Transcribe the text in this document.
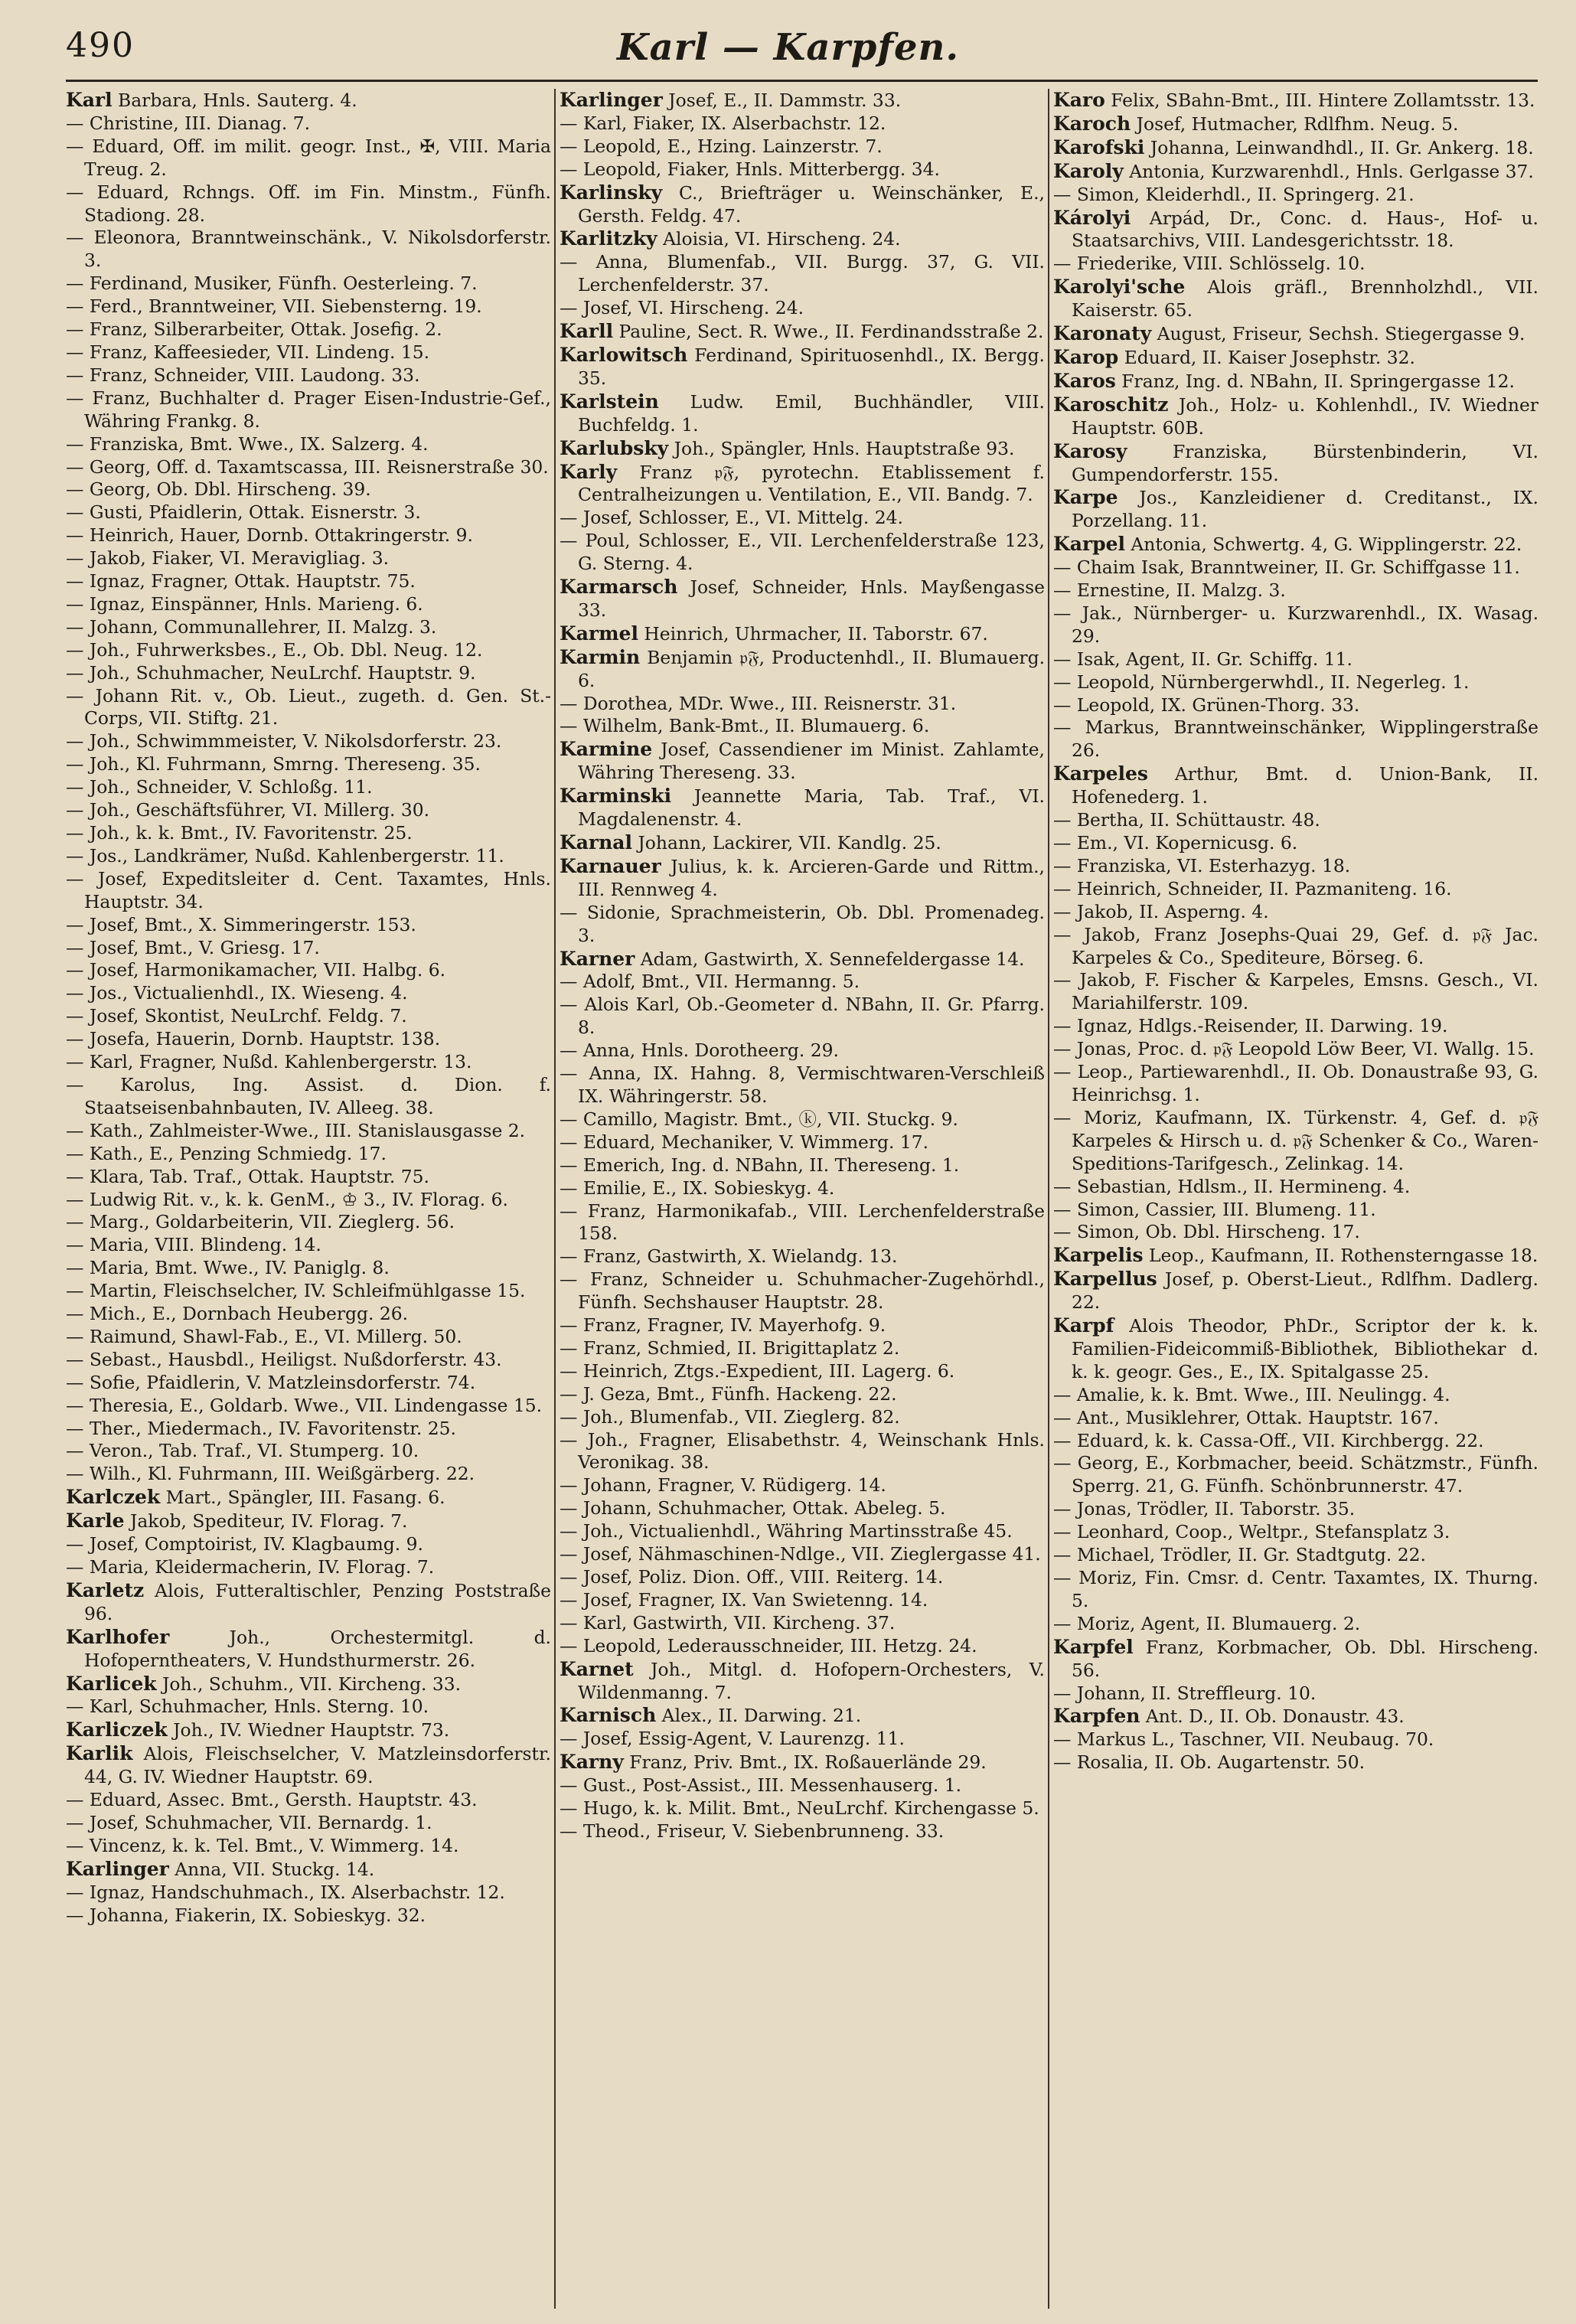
490	Karl — Karpfen.
Karl Barbara, Hnls. Sauterg. 4.
— Christine, III. Dianag. 7.
— Eduard, Off. im milit. geogr. Inst., ✠, VIII. Maria Treug. 2.
— Eduard, Rchngs. Off. im Fin. Minstm., Fünfh. Stadiong. 28.
— Eleonora, Branntweinschänk., V. Nikolsdorferstr. 3.
— Ferdinand, Musiker, Fünfh. Oesterleing. 7.
— Ferd., Branntweiner, VII. Siebensterng. 19.
— Franz, Silberarbeiter, Ottak. Josefig. 2.
— Franz, Kaffeesieder, VII. Lindeng. 15.
— Franz, Schneider, VIII. Laudong. 33.
— Franz, Buchhalter d. Prager Eisen-Industrie-Gef., Währing Frankg. 8.
— Franziska, Bmt. Wwe., IX. Salzerg. 4.
— Georg, Off. d. Taxamtscassa, III. Reisnerstraße 30.
— Georg, Ob. Dbl. Hirscheng. 39.
— Gusti, Pfaidlerin, Ottak. Eisnerstr. 3.
— Heinrich, Hauer, Dornb. Ottakringerstr. 9.
— Jakob, Fiaker, VI. Meravigliag. 3.
— Ignaz, Fragner, Ottak. Hauptstr. 75.
— Ignaz, Einspänner, Hnls. Marieng. 6.
— Johann, Communallehrer, II. Malzg. 3.
— Joh., Fuhrwerksbes., E., Ob. Dbl. Neug. 12.
— Joh., Schuhmacher, NeuLrchf. Hauptstr. 9.
— Johann Rit. v., Ob. Lieut., zugeth. d. Gen. St.-Corps, VII. Stiftg. 21.
— Joh., Schwimmmeister, V. Nikolsdorferstr. 23.
— Joh., Kl. Fuhrmann, Smrng. Thereseng. 35.
— Joh., Schneider, V. Schloßg. 11.
— Joh., Geschäftsführer, VI. Millerg. 30.
— Joh., k. k. Bmt., IV. Favoritenstr. 25.
— Jos., Landkrämer, Nußd. Kahlenbergerstr. 11.
— Josef, Expeditsleiter d. Cent. Taxamtes, Hnls. Hauptstr. 34.
— Josef, Bmt., X. Simmeringerstr. 153.
— Josef, Bmt., V. Griesg. 17.
— Josef, Harmonikamacher, VII. Halbg. 6.
— Jos., Victualienhdl., IX. Wieseng. 4.
— Josef, Skontist, NeuLrchf. Feldg. 7.
— Josefa, Hauerin, Dornb. Hauptstr. 138.
— Karl, Fragner, Nußd. Kahlenbergerstr. 13.
— Karolus, Ing. Assist. d. Dion. f. Staatseisenbahnbauten, IV. Alleeg. 38.
— Kath., Zahlmeister-Wwe., III. Stanislausgasse 2.
— Kath., E., Penzing Schmiedg. 17.
— Klara, Tab. Traf., Ottak. Hauptstr. 75.
— Ludwig Rit. v., k. k. GenM., ♔ 3., IV. Florag. 6.
— Marg., Goldarbeiterin, VII. Zieglerg. 56.
— Maria, VIII. Blindeng. 14.
— Maria, Bmt. Wwe., IV. Paniglg. 8.
— Martin, Fleischselcher, IV. Schleifmühlgasse 15.
— Mich., E., Dornbach Heubergg. 26.
— Raimund, Shawl-Fab., E., VI. Millerg. 50.
— Sebast., Hausbdl., Heiligst. Nußdorferstr. 43.
— Sofie, Pfaidlerin, V. Matzleinsdorferstr. 74.
— Theresia, E., Goldarb. Wwe., VII. Lindengasse 15.
— Ther., Miedermach., IV. Favoritenstr. 25.
— Veron., Tab. Traf., VI. Stumperg. 10.
— Wilh., Kl. Fuhrmann, III. Weißgärberg. 22.
Karlczek Mart., Spängler, III. Fasang. 6.
Karle Jakob, Spediteur, IV. Florag. 7.
— Josef, Comptoirist, IV. Klagbaumg. 9.
— Maria, Kleidermacherin, IV. Florag. 7.
Karletz Alois, Futteraltischler, Penzing Poststraße 96.
Karlhofer Joh., Orchestermitgl. d. Hofoperntheaters, V. Hundsthurmerstr. 26.
Karlicek Joh., Schuhm., VII. Kircheng. 33.
— Karl, Schuhmacher, Hnls. Sterng. 10.
Karliczek Joh., IV. Wiedner Hauptstr. 73.
Karlik Alois, Fleischselcher, V. Matzleinsdorferstr. 44, G. IV. Wiedner Hauptstr. 69.
— Eduard, Assec. Bmt., Gersth. Hauptstr. 43.
— Josef, Schuhmacher, VII. Bernardg. 1.
— Vincenz, k. k. Tel. Bmt., V. Wimmerg. 14.
Karlinger Anna, VII. Stuckg. 14.
— Ignaz, Handschuhmach., IX. Alserbachstr. 12.
— Johanna, Fiakerin, IX. Sobieskyg. 32.
Karlinger Josef, E., II. Dammstr. 33.
— Karl, Fiaker, IX. Alserbachstr. 12.
— Leopold, E., Hzing. Lainzerstr. 7.
— Leopold, Fiaker, Hnls. Mitterbergg. 34.
Karlinsky C., Briefträger u. Weinschänker, E., Gersth. Feldg. 47.
Karlitzky Aloisia, VI. Hirscheng. 24.
— Anna, Blumenfab., VII. Burgg. 37, G. VII. Lerchenfelderstr. 37.
— Josef, VI. Hirscheng. 24.
Karll Pauline, Sect. R. Wwe., II. Ferdinandsstraße 2.
Karlowitsch Ferdinand, Spirituosenhdl., IX. Bergg. 35.
Karlstein Ludw. Emil, Buchhändler, VIII. Buchfeldg. 1.
Karlubsky Joh., Spängler, Hnls. Hauptstraße 93.
Karly Franz 𝔭𝔉, pyrotechn. Etablissement f. Centralheizungen u. Ventilation, E., VII. Bandg. 7.
— Josef, Schlosser, E., VI. Mittelg. 24.
— Poul, Schlosser, E., VII. Lerchenfelderstraße 123, G. Sterng. 4.
Karmarsch Josef, Schneider, Hnls. Mayßengasse 33.
Karmel Heinrich, Uhrmacher, II. Taborstr. 67.
Karmin Benjamin 𝔭𝔉, Productenhdl., II. Blumauerg. 6.
— Dorothea, MDr. Wwe., III. Reisnerstr. 31.
— Wilhelm, Bank-Bmt., II. Blumauerg. 6.
Karmine Josef, Cassendiener im Minist. Zahlamte, Währing Thereseng. 33.
Karminski Jeannette Maria, Tab. Traf., VI. Magdalenenstr. 4.
Karnal Johann, Lackirer, VII. Kandlg. 25.
Karnauer Julius, k. k. Arcieren-Garde und Rittm., III. Rennweg 4.
— Sidonie, Sprachmeisterin, Ob. Dbl. Promenadeg. 3.
Karner Adam, Gastwirth, X. Sennefeldergasse 14.
— Adolf, Bmt., VII. Hermanng. 5.
— Alois Karl, Ob.-Geometer d. NBahn, II. Gr. Pfarrg. 8.
— Anna, Hnls. Dorotheerg. 29.
— Anna, IX. Hahng. 8, Vermischtwaren-Verschleiß IX. Währingerstr. 58.
— Camillo, Magistr. Bmt., ⓚ, VII. Stuckg. 9.
— Eduard, Mechaniker, V. Wimmerg. 17.
— Emerich, Ing. d. NBahn, II. Thereseng. 1.
— Emilie, E., IX. Sobieskyg. 4.
— Franz, Harmonikafab., VIII. Lerchenfelderstraße 158.
— Franz, Gastwirth, X. Wielandg. 13.
— Franz, Schneider u. Schuhmacher-Zugehörhdl., Fünfh. Sechshauser Hauptstr. 28.
— Franz, Fragner, IV. Mayerhofg. 9.
— Franz, Schmied, II. Brigittaplatz 2.
— Heinrich, Ztgs.-Expedient, III. Lagerg. 6.
— J. Geza, Bmt., Fünfh. Hackeng. 22.
— Joh., Blumenfab., VII. Zieglerg. 82.
— Joh., Fragner, Elisabethstr. 4, Weinschank Hnls. Veronikag. 38.
— Johann, Fragner, V. Rüdigerg. 14.
— Johann, Schuhmacher, Ottak. Abeleg. 5.
— Joh., Victualienhdl., Währing Martinsstraße 45.
— Josef, Nähmaschinen-Ndlge., VII. Zieglergasse 41.
— Josef, Poliz. Dion. Off., VIII. Reiterg. 14.
— Josef, Fragner, IX. Van Swietenng. 14.
— Karl, Gastwirth, VII. Kircheng. 37.
— Leopold, Lederausschneider, III. Hetzg. 24.
Karnet Joh., Mitgl. d. Hofopern-Orchesters, V. Wildenmanng. 7.
Karnisch Alex., II. Darwing. 21.
— Josef, Essig-Agent, V. Laurenzg. 11.
Karny Franz, Priv. Bmt., IX. Roßauerlände 29.
— Gust., Post-Assist., III. Messenhauserg. 1.
— Hugo, k. k. Milit. Bmt., NeuLrchf. Kirchengasse 5.
— Theod., Friseur, V. Siebenbrunneng. 33.
Karo Felix, SBahn-Bmt., III. Hintere Zollamtsstr. 13.
Karoch Josef, Hutmacher, Rdlfhm. Neug. 5.
Karofski Johanna, Leinwandhdl., II. Gr. Ankerg. 18.
Karoly Antonia, Kurzwarenhdl., Hnls. Gerlgasse 37.
— Simon, Kleiderhdl., II. Springerg. 21.
Károlyi Arpád, Dr., Conc. d. Haus-, Hof- u. Staatsarchivs, VIII. Landesgerichtsstr. 18.
— Friederike, VIII. Schlösselg. 10.
Karolyi'sche Alois gräfl., Brennholzhdl., VII. Kaiserstr. 65.
Karonaty August, Friseur, Sechsh. Stiegergasse 9.
Karop Eduard, II. Kaiser Josephstr. 32.
Karos Franz, Ing. d. NBahn, II. Springergasse 12.
Karoschitz Joh., Holz- u. Kohlenhdl., IV. Wiedner Hauptstr. 60B.
Karosy Franziska, Bürstenbinderin, VI. Gumpendorferstr. 155.
Karpe Jos., Kanzleidiener d. Creditanst., IX. Porzellang. 11.
Karpel Antonia, Schwertg. 4, G. Wipplingerstr. 22.
— Chaim Isak, Branntweiner, II. Gr. Schiffgasse 11.
— Ernestine, II. Malzg. 3.
— Jak., Nürnberger- u. Kurzwarenhdl., IX. Wasag. 29.
— Isak, Agent, II. Gr. Schiffg. 11.
— Leopold, Nürnbergerwhdl., II. Negerleg. 1.
— Leopold, IX. Grünen-Thorg. 33.
— Markus, Branntweinschänker, Wipplingerstraße 26.
Karpeles Arthur, Bmt. d. Union-Bank, II. Hofenederg. 1.
— Bertha, II. Schüttaustr. 48.
— Em., VI. Kopernicusg. 6.
— Franziska, VI. Esterhazyg. 18.
— Heinrich, Schneider, II. Pazmaniteng. 16.
— Jakob, II. Asperng. 4.
— Jakob, Franz Josephs-Quai 29, Gef. d. 𝔭𝔉 Jac. Karpeles & Co., Spediteure, Börseg. 6.
— Jakob, F. Fischer & Karpeles, Emsns. Gesch., VI. Mariahilferstr. 109.
— Ignaz, Hdlgs.-Reisender, II. Darwing. 19.
— Jonas, Proc. d. 𝔭𝔉 Leopold Löw Beer, VI. Wallg. 15.
— Leop., Partiewarenhdl., II. Ob. Donaustraße 93, G. Heinrichsg. 1.
— Moriz, Kaufmann, IX. Türkenstr. 4, Gef. d. 𝔭𝔉 Karpeles & Hirsch u. d. 𝔭𝔉 Schenker & Co., Waren-Speditions-Tarifgesch., Zelinkag. 14.
— Sebastian, Hdlsm., II. Hermineng. 4.
— Simon, Cassier, III. Blumeng. 11.
— Simon, Ob. Dbl. Hirscheng. 17.
Karpelis Leop., Kaufmann, II. Rothensterngasse 18.
Karpellus Josef, p. Oberst-Lieut., Rdlfhm. Dadlerg. 22.
Karpf Alois Theodor, PhDr., Scriptor der k. k. Familien-Fideicommiß-Bibliothek, Bibliothekar d. k. k. geogr. Ges., E., IX. Spitalgasse 25.
— Amalie, k. k. Bmt. Wwe., III. Neulingg. 4.
— Ant., Musiklehrer, Ottak. Hauptstr. 167.
— Eduard, k. k. Cassa-Off., VII. Kirchbergg. 22.
— Georg, E., Korbmacher, beeid. Schätzmstr., Fünfh. Sperrg. 21, G. Fünfh. Schönbrunnerstr. 47.
— Jonas, Trödler, II. Taborstr. 35.
— Leonhard, Coop., Weltpr., Stefansplatz 3.
— Michael, Trödler, II. Gr. Stadtgutg. 22.
— Moriz, Fin. Cmsr. d. Centr. Taxamtes, IX. Thurng. 5.
— Moriz, Agent, II. Blumauerg. 2.
Karpfel Franz, Korbmacher, Ob. Dbl. Hirscheng. 56.
— Johann, II. Streffleurg. 10.
Karpfen Ant. D., II. Ob. Donaustr. 43.
— Markus L., Taschner, VII. Neubaug. 70.
— Rosalia, II. Ob. Augartenstr. 50.
